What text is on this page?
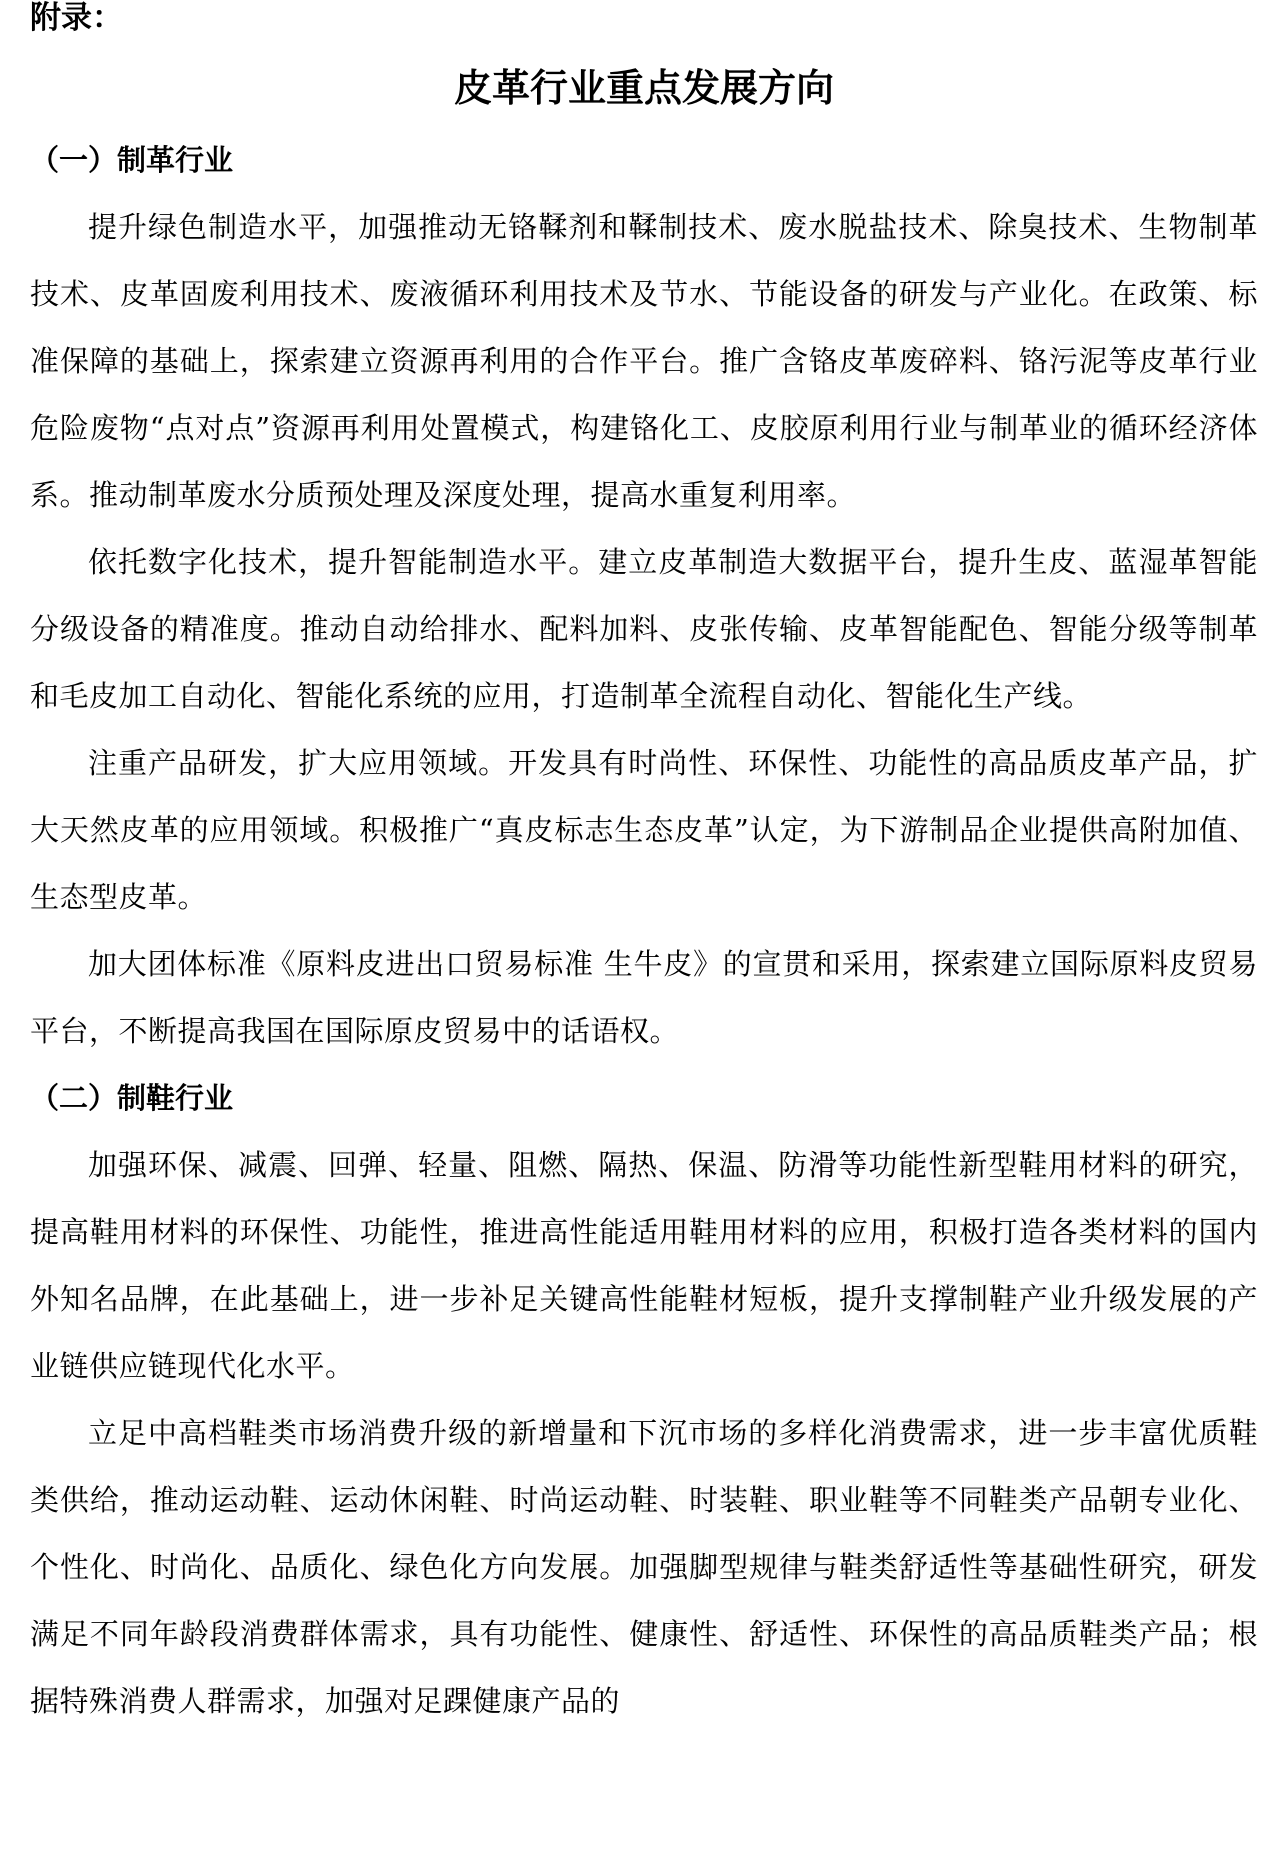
附录：
皮革行业重点发展方向
（一）制革行业

提升绿色制造水平，加强推动无铬鞣剂和鞣制技术、废水脱盐技术、除臭技术、生物制革技术、皮革固废利用技术、废液循环利用技术及节水、节能设备的研发与产业化。在政策、标准保障的基础上，探索建立资源再利用的合作平台。推广含铬皮革废碎料、铬污泥等皮革行业危险废物“点对点”资源再利用处置模式，构建铬化工、皮胶原利用行业与制革业的循环经济体系。推动制革废水分质预处理及深度处理，提高水重复利用率。

依托数字化技术，提升智能制造水平。建立皮革制造大数据平台，提升生皮、蓝湿革智能分级设备的精准度。推动自动给排水、配料加料、皮张传输、皮革智能配色、智能分级等制革和毛皮加工自动化、智能化系统的应用，打造制革全流程自动化、智能化生产线。

注重产品研发，扩大应用领域。开发具有时尚性、环保性、功能性的高品质皮革产品，扩大天然皮革的应用领域。积极推广“真皮标志生态皮革”认定，为下游制品企业提供高附加值、生态型皮革。

加大团体标准《原料皮进出口贸易标准 生牛皮》的宣贯和采用，探索建立国际原料皮贸易平台，不断提高我国在国际原皮贸易中的话语权。

（二）制鞋行业

加强环保、减震、回弹、轻量、阻燃、隔热、保温、防滑等功能性新型鞋用材料的研究，提高鞋用材料的环保性、功能性，推进高性能适用鞋用材料的应用，积极打造各类材料的国内外知名品牌，在此基础上，进一步补足关键高性能鞋材短板，提升支撑制鞋产业升级发展的产业链供应链现代化水平。

立足中高档鞋类市场消费升级的新增量和下沉市场的多样化消费需求，进一步丰富优质鞋类供给，推动运动鞋、运动休闲鞋、时尚运动鞋、时装鞋、职业鞋等不同鞋类产品朝专业化、个性化、时尚化、品质化、绿色化方向发展。加强脚型规律与鞋类舒适性等基础性研究，研发满足不同年龄段消费群体需求，具有功能性、健康性、舒适性、环保性的高品质鞋类产品；根据特殊消费人群需求，加强对足踝健康产品的
